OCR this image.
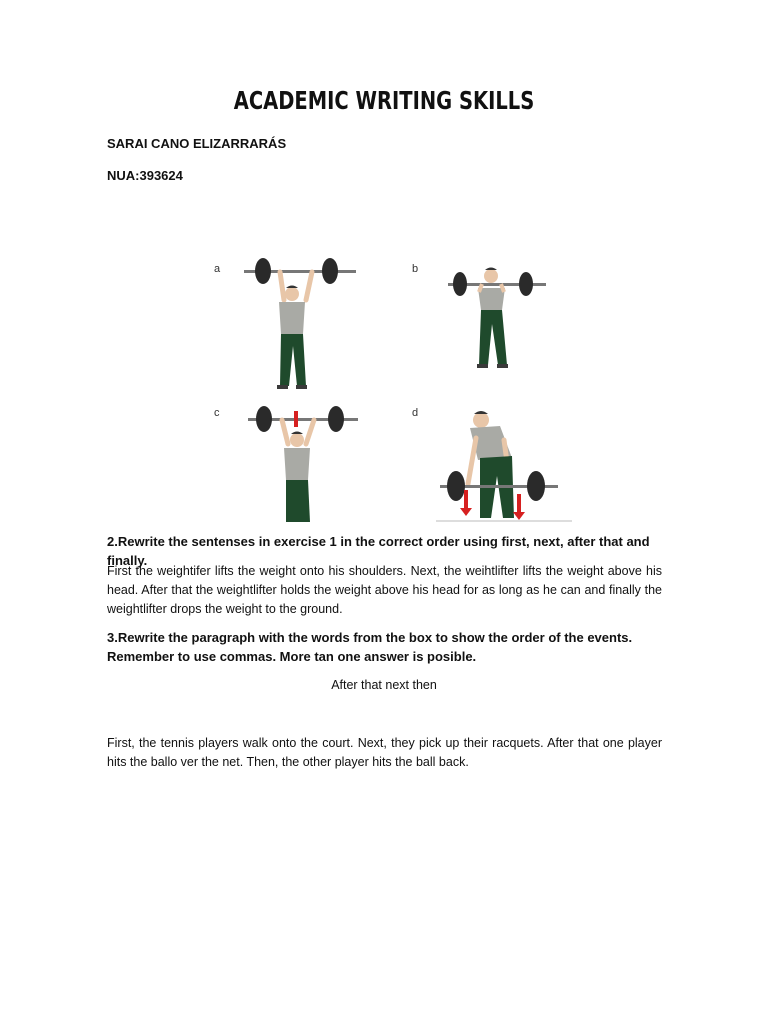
ACADEMIC WRITING SKILLS
SARAI CANO ELIZARRARÁS
NUA:393624
a	b
c	d
2.Rewrite the sentenses in exercise 1 in the correct order using first, next, after that and finally.
First the weightifer lifts the weight onto his shoulders. Next, the weihtlifter lifts the weight above his head. After that the weightlifter holds the weight above his head for as long as he can and finally the weightlifter drops the weight to the ground.
3.Rewrite the paragraph with the words from the box to show the order of the events. Remember to use commas. More tan one answer is posible.
After that next then
First, the tennis players walk onto the court. Next, they pick up their racquets. After that one player hits the ballo ver the net. Then, the other player hits the ball back.
